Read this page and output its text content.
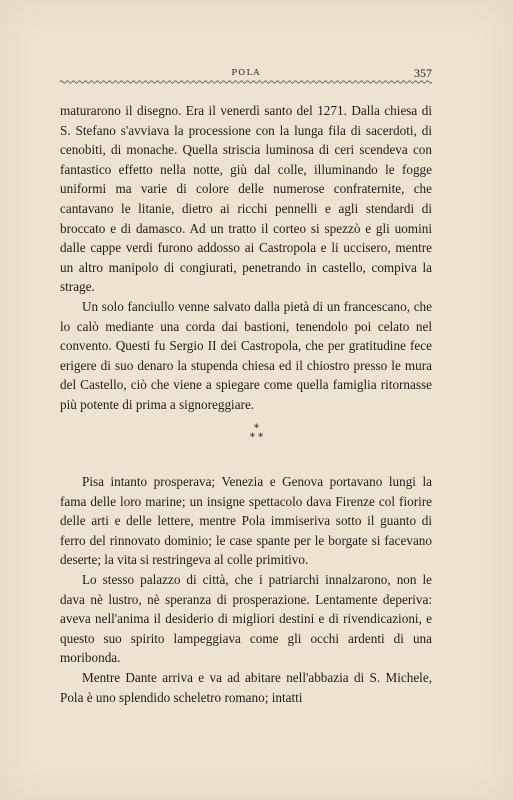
POLA	357

maturarono il disegno. Era il venerdì santo del 1271. Dalla chiesa di S. Stefano s'avviava la processione con la lunga fila di sacerdoti, di cenobiti, di monache. Quella striscia luminosa di ceri scendeva con fantastico effetto nella notte, giù dal colle, illuminando le fogge uniformi ma varie di colore delle numerose confraternite, che cantavano le litanie, dietro ai ricchi pennelli e agli stendardi di broccato e di damasco. Ad un tratto il corteo si spezzò e gli uomini dalle cappe verdi furono addosso ai Castropola e li uccisero, mentre un altro manipolo di congiurati, penetrando in castello, compiva la strage.

Un solo fanciullo venne salvato dalla pietà di un francescano, che lo calò mediante una corda dai bastioni, tenendolo poi celato nel convento. Questi fu Sergio II dei Castropola, che per gratitudine fece erigere di suo denaro la stupenda chiesa ed il chiostro presso le mura del Castello, ciò che viene a spiegare come quella famiglia ritornasse più potente di prima a signoreggiare.

*
* *

Pisa intanto prosperava; Venezia e Genova portavano lungi la fama delle loro marine; un insigne spettacolo dava Firenze col fiorire delle arti e delle lettere, mentre Pola immiseriva sotto il guanto di ferro del rinnovato dominio; le case spante per le borgate si facevano deserte; la vita si restringeva al colle primitivo.

Lo stesso palazzo di città, che i patriarchi innalzarono, non le dava nè lustro, nè speranza di prosperazione. Lentamente deperiva: aveva nell'anima il desiderio di migliori destini e di rivendicazioni, e questo suo spirito lampeggiava come gli occhi ardenti di una moribonda.

Mentre Dante arriva e va ad abitare nell'abbazia di S. Michele, Pola è uno splendido scheletro romano; intatti
